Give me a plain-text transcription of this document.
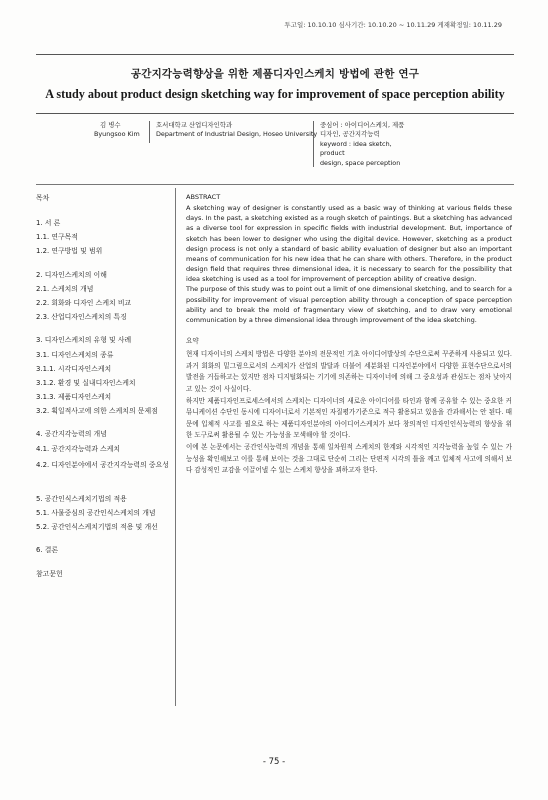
투고일: 10.10.10 심사기간: 10.10.20 ~ 10.11.29 게재확정일: 10.11.29
공간지각능력향상을 위한 제품디자인스케치 방법에 관한 연구
A study about product design sketching way for improvement of space perception ability
김 병수
Byungsoo Kim
호서대학교 산업디자인학과
Department of Industrial Design, Hoseo University
중심어 : 아이디어스케치, 제품
디자인, 공간지각능력
keyword : idea sketch, product
design, space perception
목차
1. 서 론
1.1. 연구목적
1.2. 연구방법 및 범위
2. 디자인스케치의 이해
2.1. 스케치의 개념
2.2. 회화와 디자인 스케치 비교
2.3. 산업디자인스케치의 특징
3. 디자인스케치의 유형 및 사례
3.1. 디자인스케치의 종류
3.1.1. 시각디자인스케치
3.1.2. 환경 및 실내디자인스케치
3.1.3. 제품디자인스케치
3.2. 획일적사고에 의한 스케치의 문제점
4. 공간지각능력의 개념
4.1. 공간지각능력과 스케치
4.2. 디자인분야에서 공간지각능력의 중요성
5. 공간인식스케치기법의 적용
5.1. 사물중심의 공간인식스케치의 개념
5.2. 공간인식스케치기법의 적용 및 개선
6. 결론
참고문헌
ABSTRACT

A sketching way of designer is constantly used as a basic way of thinking at various fields these days. In the past, a sketching existed as a rough sketch of paintings. But a sketching has advanced as a diverse tool for expression in specific fields with industrial development. But, importance of sketch has been lower to designer who using the digital device. However, sketching as a product design process is not only a standard of basic ability evaluation of designer but also an important means of communication for his new idea that he can share with others. Therefore, in the product design field that requires three dimensional idea, it is necessary to search for the possibility that idea sketching is used as a tool for improvement of perception ability of creative design.

The purpose of this study was to point out a limit of one dimensional sketching, and to search for a possibility for improvement of visual perception ability through a conception of space perception ability and to break the mold of fragmentary view of sketching, and to draw very emotional communication by a three dimensional idea through improvement of the idea sketching.

요약

현재 디자이너의 스케치 방법은 다양한 분야의 전문적인 기초 아이디어발상의 수단으로써 꾸준하게 사용되고 있다. 과거 회화의 밑그림으로서의 스케치가 산업의 발달과 더불어 세분화된 디자인분야에서 다양한 표현수단으로서의 발전을 거듭하고는 있지만 점차 디지털화되는 기기에 의존하는 디자이너에 의해 그 중요성과 관심도는 점차 낮아지고 있는 것이 사실이다.

하지만 제품디자인프로세스에서의 스케치는 디자이너의 새로운 아이디어를 타인과 함께 공유할 수 있는 중요한 커뮤니케이션 수단인 동시에 디자이너로서 기본적인 자질평가기준으로 적극 활용되고 있음을 간과해서는 안 된다. 때문에 입체적 사고를 필요로 하는 제품디자인분야의 아이디어스케치가 보다 창의적인 디자인인식능력의 향상을 위한 도구로써 활용될 수 있는 가능성을 모색해야 할 것이다.

이에 본 논문에서는 공간인식능력의 개념을 통해 일차원적 스케치의 한계와 시각적인 지각능력을 높일 수 있는 가능성을 확인해보고 이를 통해 보이는 것을 그대로 단순히 그리는 단편적 시각의 틀을 깨고 입체적 사고에 의해서 보다 감성적인 교감을 이끌어낼 수 있는 스케치 향상을 꾀하고자 한다.

- 75 -
